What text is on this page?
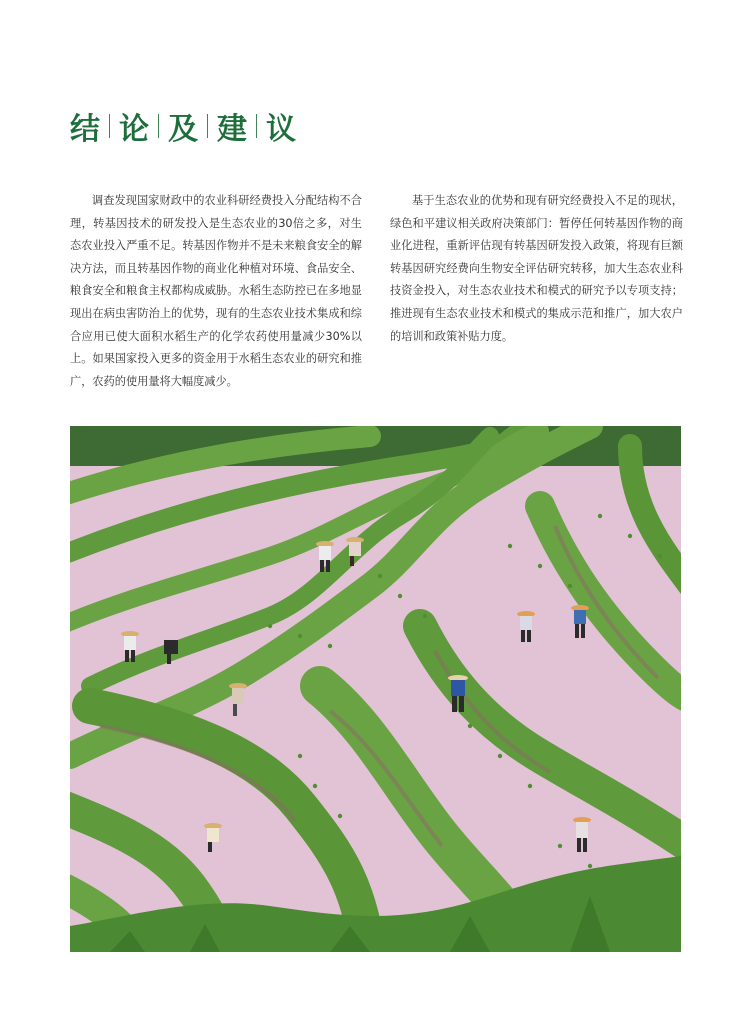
结 论 及 建 议

调查发现国家财政中的农业科研经费投入分配结构不合理，转基因技术的研发投入是生态农业的30倍之多，对生态农业投入严重不足。转基因作物并不是未来粮食安全的解决方法，而且转基因作物的商业化种植对环境、食品安全、粮食安全和粮食主权都构成威胁。水稻生态防控已在多地显现出在病虫害防治上的优势，现有的生态农业技术集成和综合应用已使大面积水稻生产的化学农药使用量减少30%以上。如果国家投入更多的资金用于水稻生态农业的研究和推广，农药的使用量将大幅度减少。

基于生态农业的优势和现有研究经费投入不足的现状，绿色和平建议相关政府决策部门：暂停任何转基因作物的商业化进程，重新评估现有转基因研发投入政策，将现有巨额转基因研究经费向生物安全评估研究转移，加大生态农业科技资金投入，对生态农业技术和模式的研究予以专项支持；推进现有生态农业技术和模式的集成示范和推广，加大农户的培训和政策补贴力度。
